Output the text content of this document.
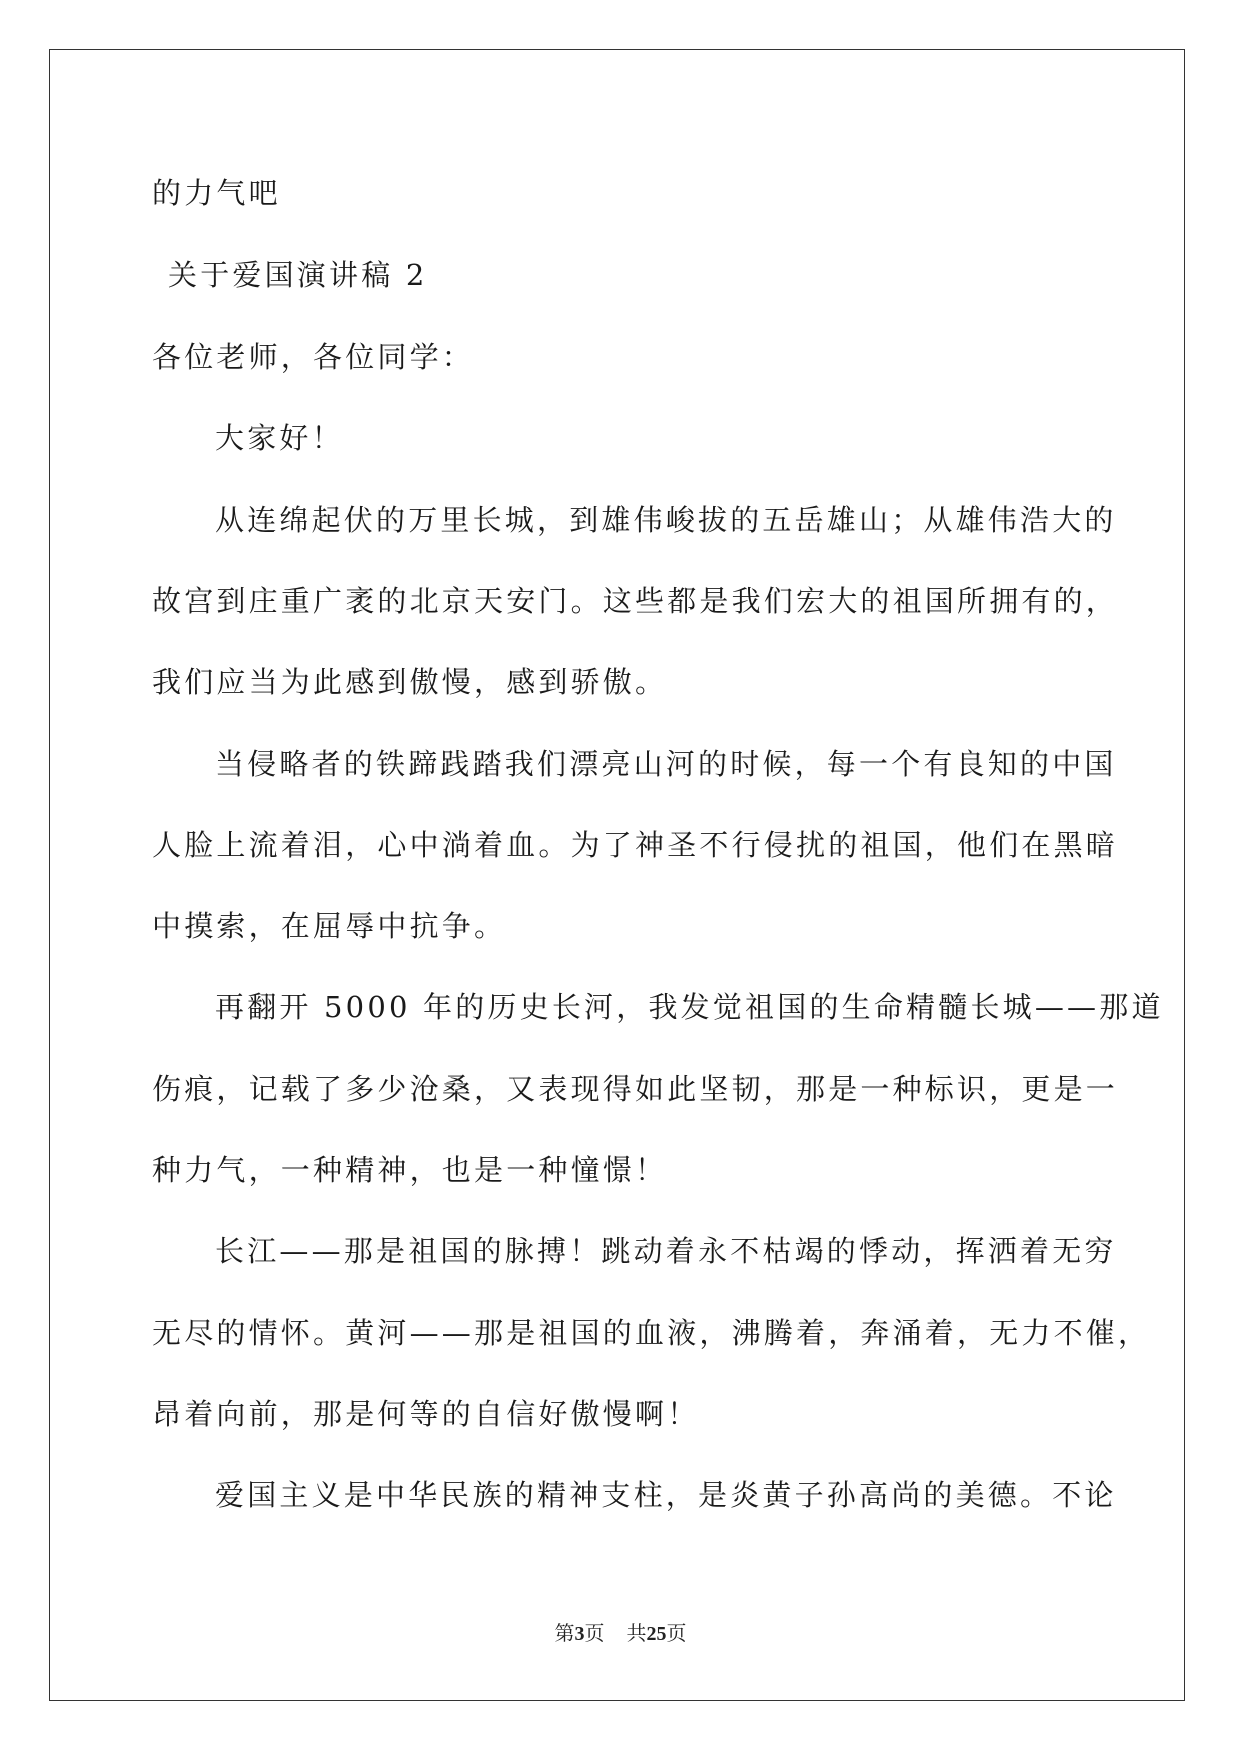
的力气吧

关于爱国演讲稿 2

各位老师，各位同学：

大家好！

从连绵起伏的万里长城，到雄伟峻拔的五岳雄山；从雄伟浩大的

故宫到庄重广袤的北京天安门。这些都是我们宏大的祖国所拥有的，

我们应当为此感到傲慢，感到骄傲。

当侵略者的铁蹄践踏我们漂亮山河的时候，每一个有良知的中国

人脸上流着泪，心中淌着血。为了神圣不行侵扰的祖国，他们在黑暗

中摸索，在屈辱中抗争。

再翻开 5000 年的历史长河，我发觉祖国的生命精髓长城——那道

伤痕，记载了多少沧桑，又表现得如此坚韧，那是一种标识，更是一

种力气，一种精神，也是一种憧憬！

长江——那是祖国的脉搏！跳动着永不枯竭的悸动，挥洒着无穷

无尽的情怀。黄河——那是祖国的血液，沸腾着，奔涌着，无力不催，

昂着向前，那是何等的自信好傲慢啊！

爱国主义是中华民族的精神支柱，是炎黄子孙高尚的美德。不论

第3页 共25页
